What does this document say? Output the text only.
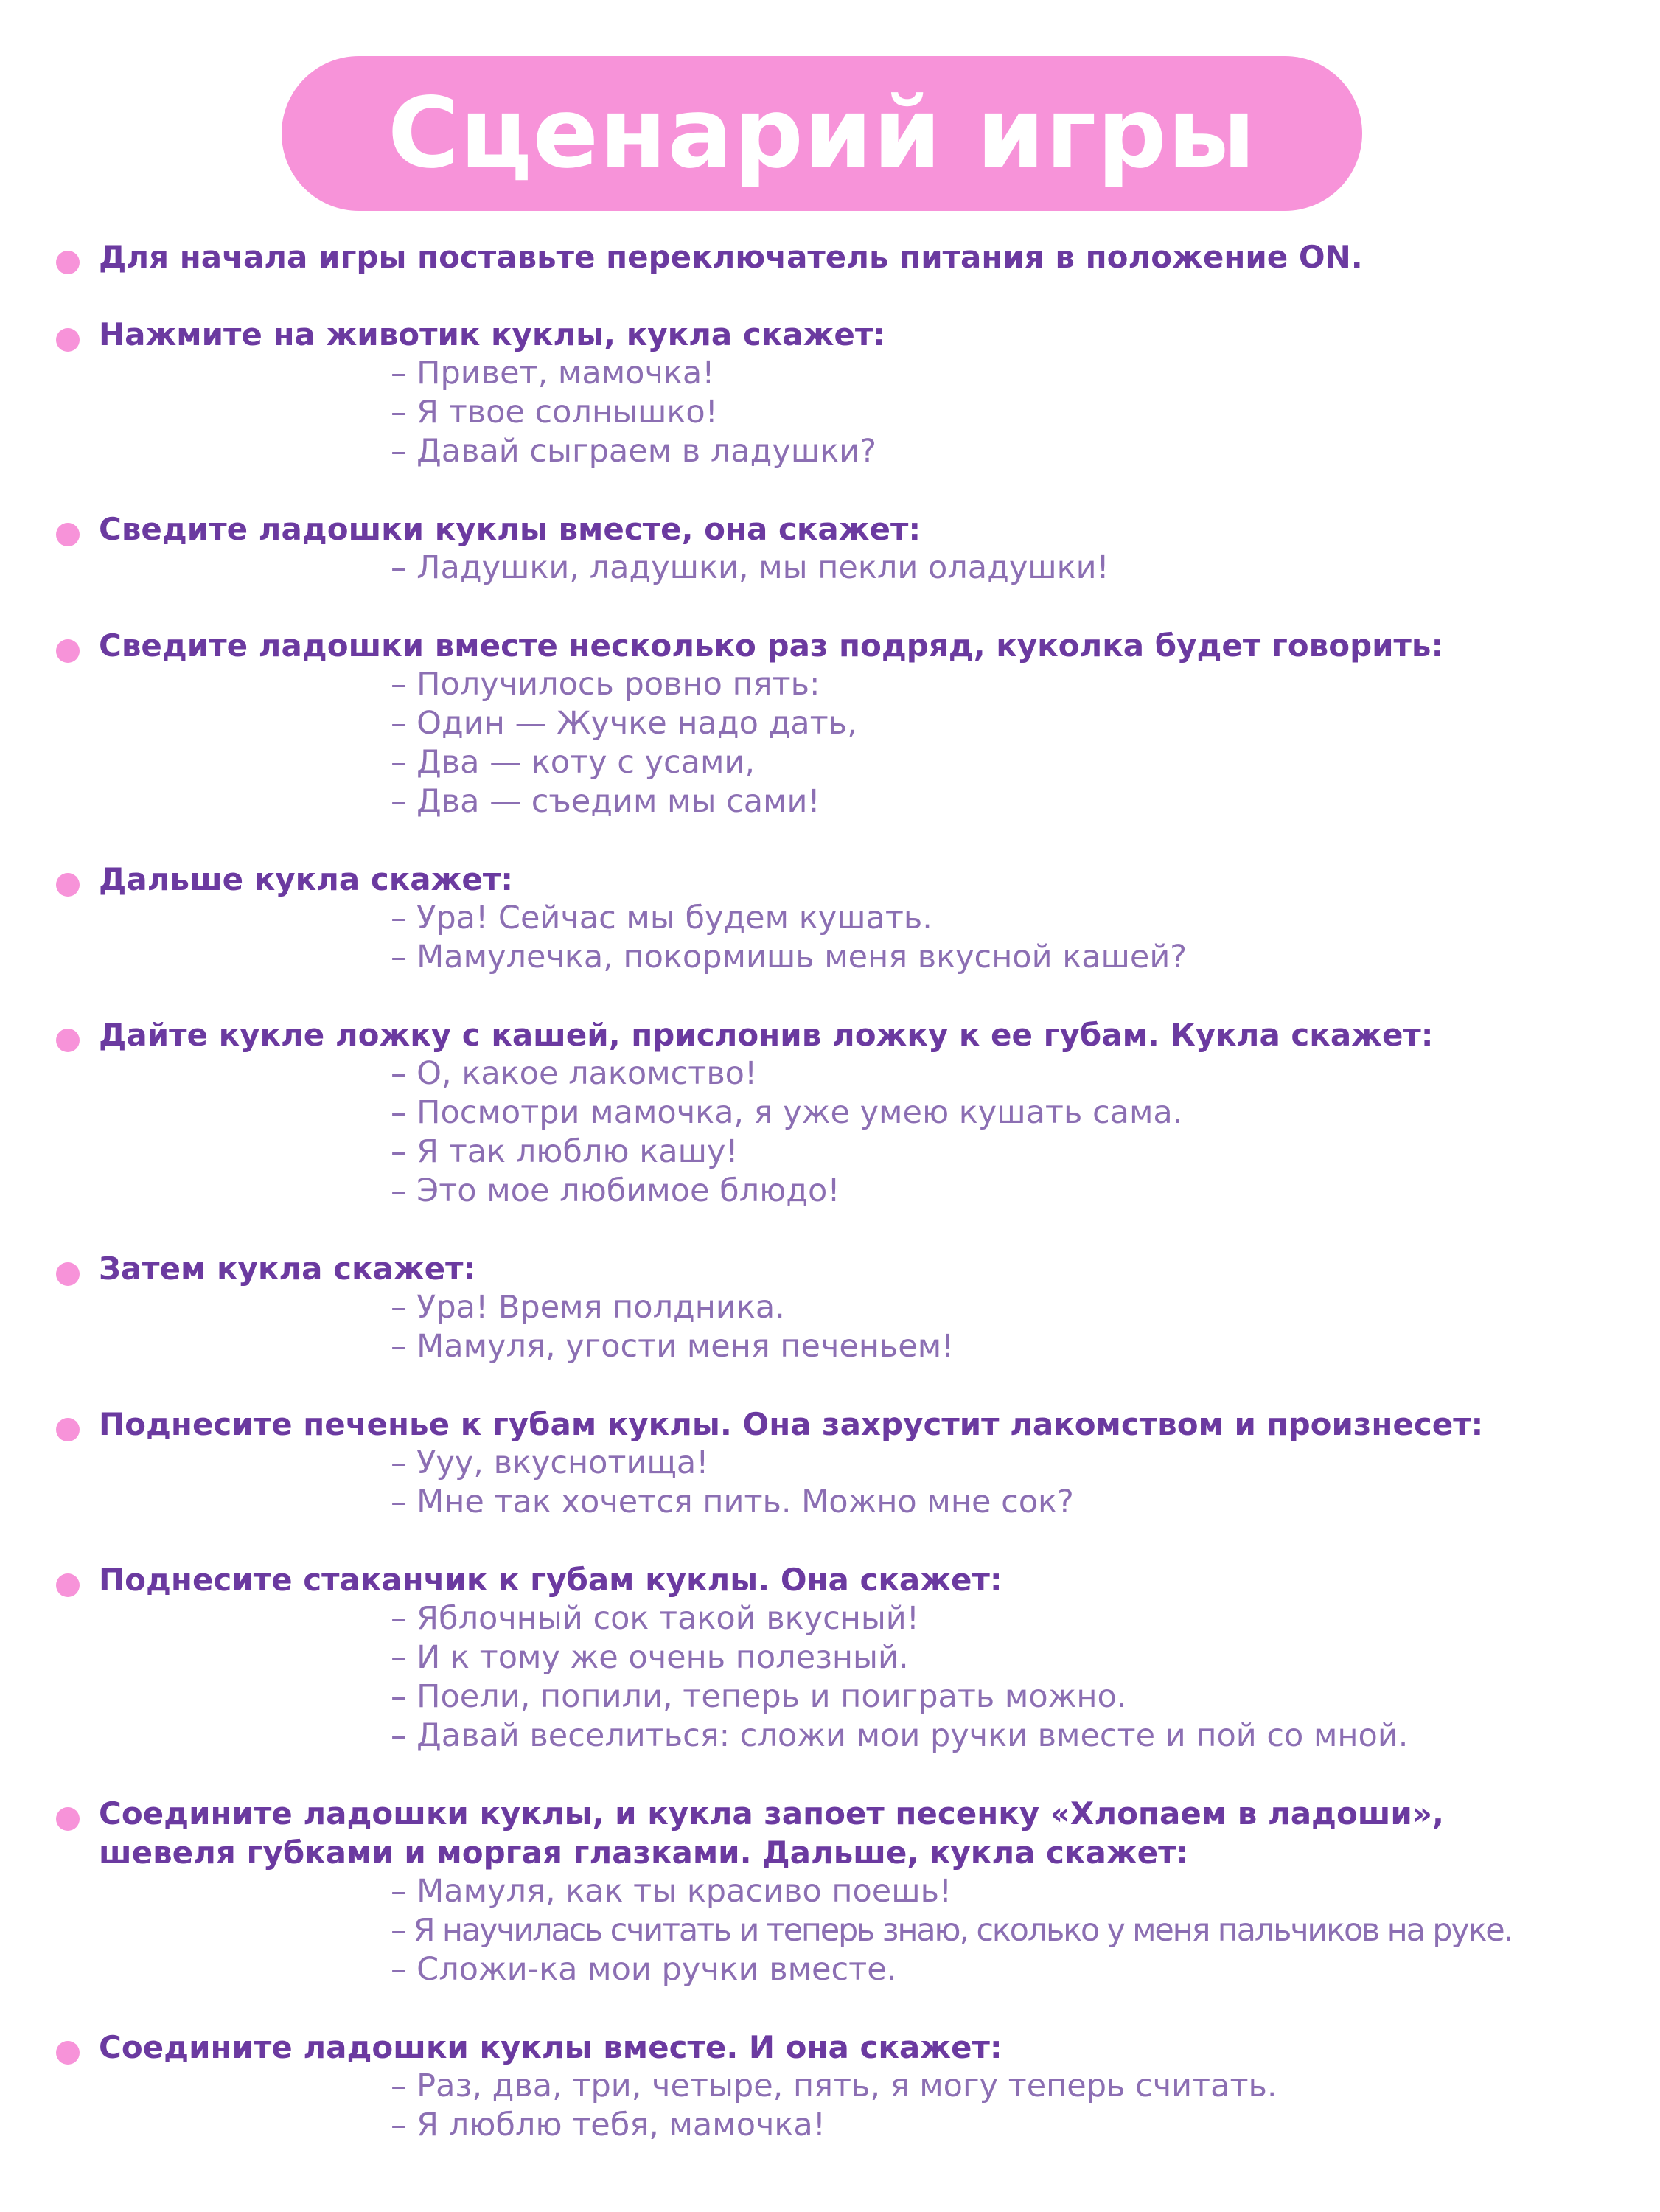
Сценарий игры
Для начала игры поставьте переключатель питания в положение ON.
Нажмите на животик куклы, кукла скажет:
– Привет, мамочка!
– Я твое солнышко!
– Давай сыграем в ладушки?
Сведите ладошки куклы вместе, она скажет:
– Ладушки, ладушки, мы пекли оладушки!
Сведите ладошки вместе несколько раз подряд, куколка будет говорить:
– Получилось ровно пять:
– Один — Жучке надо дать,
– Два — коту с усами,
– Два — съедим мы сами!
Дальше кукла скажет:
– Ура! Сейчас мы будем кушать.
– Мамулечка, покормишь меня вкусной кашей?
Дайте кукле ложку с кашей, прислонив ложку к ее губам. Кукла скажет:
– О, какое лакомство!
– Посмотри мамочка, я уже умею кушать сама.
– Я так люблю кашу!
– Это мое любимое блюдо!
Затем кукла скажет:
– Ура! Время полдника.
– Мамуля, угости меня печеньем!
Поднесите печенье к губам куклы. Она захрустит лакомством и произнесет:
– Ууу, вкуснотища!
– Мне так хочется пить. Можно мне сок?
Поднесите стаканчик к губам куклы. Она скажет:
– Яблочный сок такой вкусный!
– И к тому же очень полезный.
– Поели, попили, теперь и поиграть можно.
– Давай веселиться: сложи мои ручки вместе и пой со мной.
Соедините ладошки куклы, и кукла запоет песенку «Хлопаем в ладоши»,
шевеля губками и моргая глазками. Дальше, кукла скажет:
– Мамуля, как ты красиво поешь!
– Я научилась считать и теперь знаю, сколько у меня пальчиков на руке.
– Сложи-ка мои ручки вместе.
Соедините ладошки куклы вместе. И она скажет:
– Раз, два, три, четыре, пять, я могу теперь считать.
– Я люблю тебя, мамочка!
